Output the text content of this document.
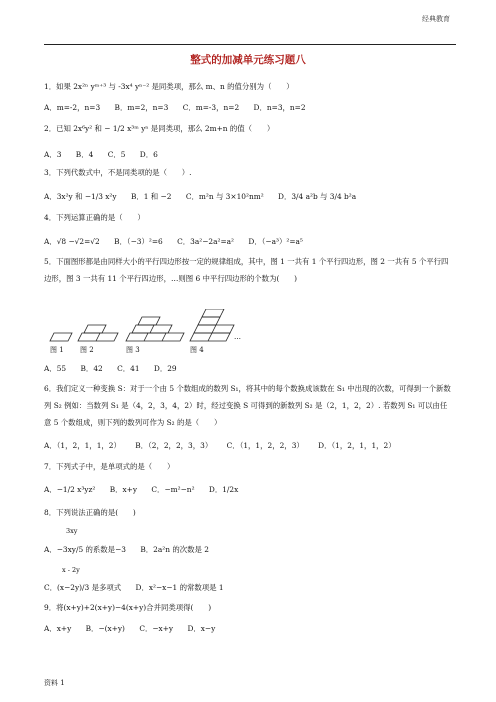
经典教育
整式的加减单元练习题八
1．如果 2x²ⁿ yᵐ⁺³ 与 -3x⁴ yⁿ⁻² 是同类项，那么 m、n 的值分别为（　　）
A．m=-2，n=3 B．m=2，n=3 C．m=-3，n=2 D．n=3，n=2
2．已知 2x⁶y² 和 − 1/2 x³ᵐ yⁿ 是同类项，那么 2m+n 的值（　　）
A．3 B．4 C．5 D．6
3．下列代数式中，不是同类项的是（　　）.
A．3x²y 和 −1/3 x²y B．1 和 −2 C．m²n 与 3×10²nm² D．3/4 a²b 与 3/4 b²a
4．下列运算正确的是（　　）
A．√8 −√2=√2 B．（−3）²=6 C．3a²−2a²=a² D．（−a³）²=a⁵
5．下面图形都是由同样大小的平行四边形按一定的规律组成，其中，图 1 一共有 1 个平行四边形，图 2 一共有 5 个平行四边形，图 3 一共有 11 个平行四边形，…则图 6 中平行四边形的个数为(　　)
图 1 图 2	图 3	图 4
…
A．55 B．42 C．41 D．29
6．我们定义一种变换 S：对于一个由 5 个数组成的数列 S₁，将其中的每个数换成该数在 S₁ 中出现的次数，可得到一个新数列 S₂ 例如：当数列 S₁ 是（4，2，3，4，2）时，经过变换 S 可得到的新数列 S₂ 是（2，1，2，2）. 若数列 S₁ 可以由任意 5 个数组成，则下列的数列可作为 S₂ 的是（　　）
A．（1，2，1，1，2） B．（2，2，2，3，3） C．（1，1，2，2，3） D．（1，2，1，1，2）
7．下列式子中，是单项式的是（　　）
A．−1/2 x³yz² B．x+y C．−m²−n² D．1/2x
8．下列说法正确的是(　　)
3xy
A．−3xy/5 的系数是−3 B．2a²n 的次数是 2
x - 2y
C．(x−2y)/3 是多项式 D．x²−x−1 的常数项是 1
9．将(x+y)+2(x+y)−4(x+y)合并同类项得(　　)
A．x+y B．−(x+y) C．−x+y D．x−y
资料 1
